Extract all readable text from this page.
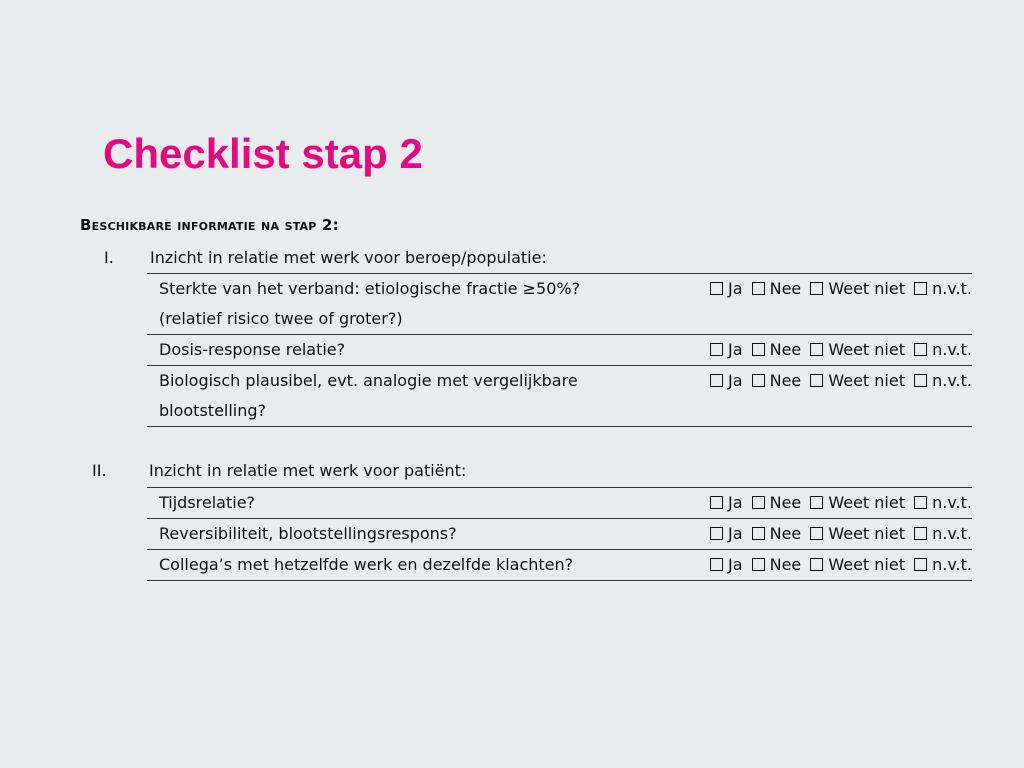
Checklist stap 2
Beschikbare informatie na stap 2:
I. Inzicht in relatie met werk voor beroep/populatie:
Sterkte van het verband: etiologische fractie ≥50%?
(relatief risico twee of groter?)	Ja Nee Weet niet n.v.t.
Dosis-response relatie?	Ja Nee Weet niet n.v.t.
Biologisch plausibel, evt. analogie met vergelijkbare
blootstelling?	Ja Nee Weet niet n.v.t.
II.	Inzicht in relatie met werk voor patiënt:
Tijdsrelatie?	Ja Nee Weet niet n.v.t.
Reversibiliteit, blootstellingsrespons?	Ja Nee Weet niet n.v.t.
Collega’s met hetzelfde werk en dezelfde klachten?	Ja Nee Weet niet n.v.t.
